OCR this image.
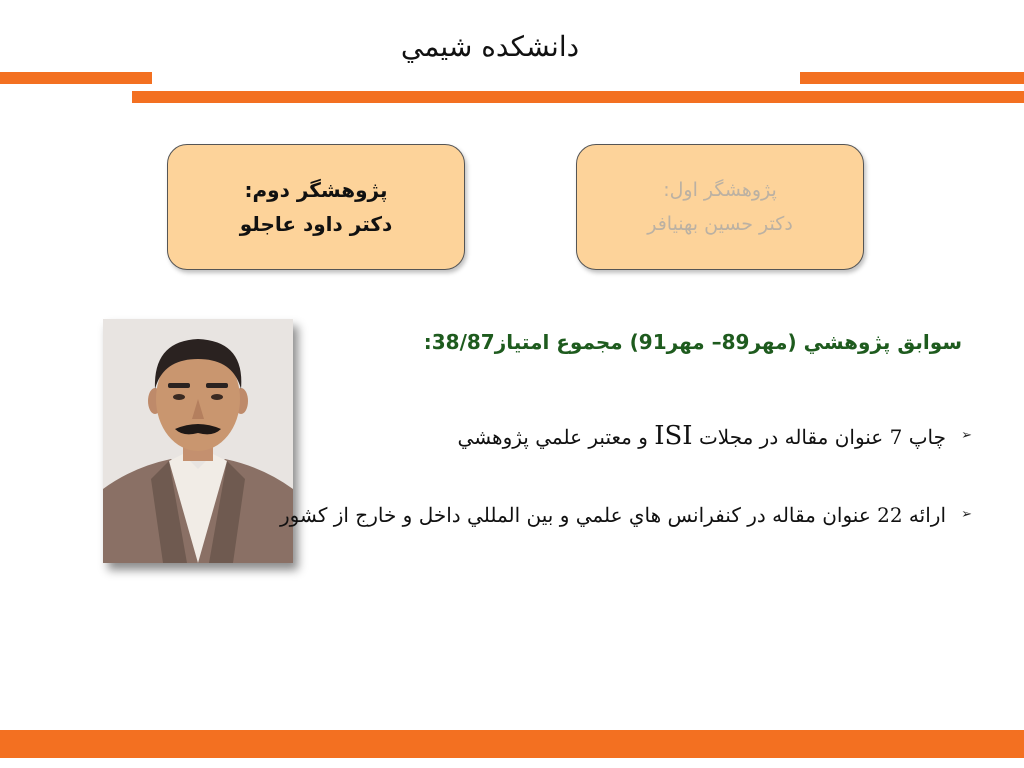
دانشكده شيمي
پژوهشگر دوم:
دكتر داود عاجلو
پژوهشگر اول:
دكتر حسين بهنيافر
سوابق پژوهشي (مهر89– مهر91) مجموع امتياز38/87:
➢
چاپ 7 عنوان مقاله در مجلات ISI و معتبر علمي پژوهشي
➢
ارائه 22 عنوان مقاله در كنفرانس هاي علمي و بين المللي داخل و خارج از كشور
